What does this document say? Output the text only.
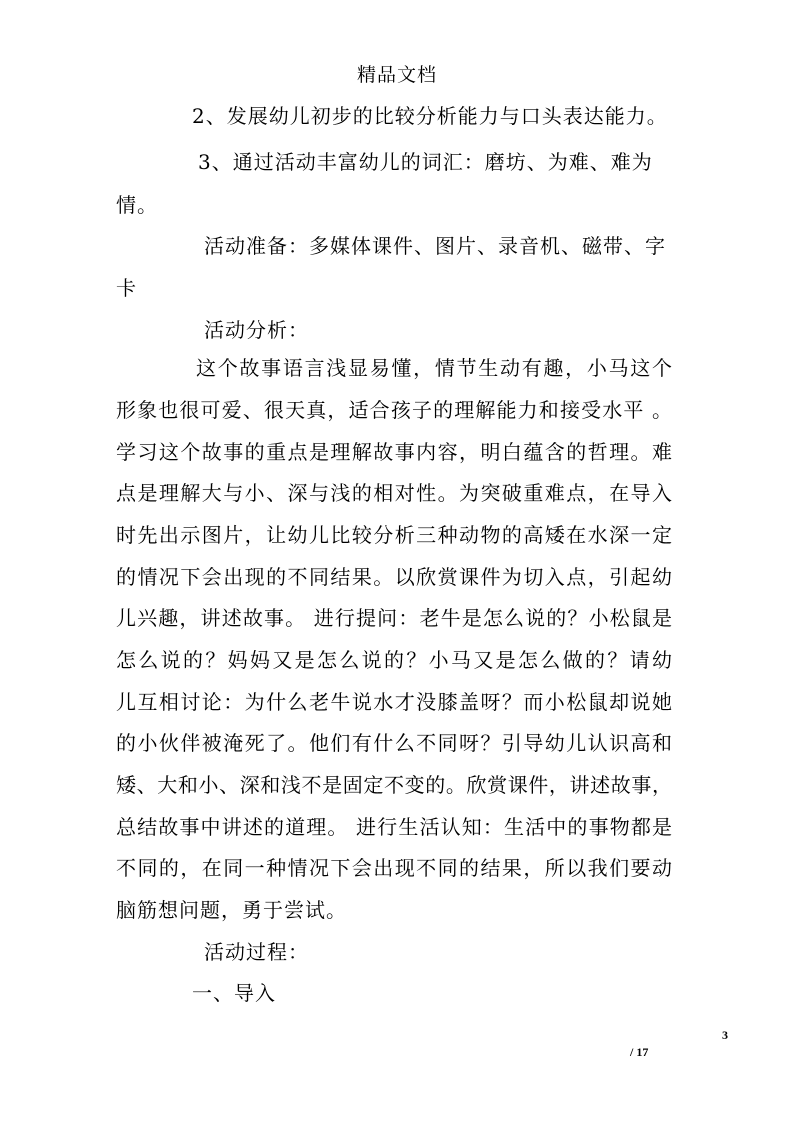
精品文档
2、发展幼儿初步的比较分析能力与口头表达能力。
3、通过活动丰富幼儿的词汇：磨坊、为难、难为
情。
活动准备：多媒体课件、图片、录音机、磁带、字
卡
活动分析：
这个故事语言浅显易懂，情节生动有趣，小马这个
形象也很可爱、很天真，适合孩子的理解能力和接受水平 。
学习这个故事的重点是理解故事内容，明白蕴含的哲理。难
点是理解大与小、深与浅的相对性。为突破重难点，在导入
时先出示图片，让幼儿比较分析三种动物的高矮在水深一定
的情况下会出现的不同结果。以欣赏课件为切入点，引起幼
儿兴趣，讲述故事。 进行提问：老牛是怎么说的？小松鼠是
怎么说的？妈妈又是怎么说的？小马又是怎么做的？请幼
儿互相讨论：为什么老牛说水才没膝盖呀？而小松鼠却说她
的小伙伴被淹死了。他们有什么不同呀？引导幼儿认识高和
矮、大和小、深和浅不是固定不变的。欣赏课件，讲述故事，
总结故事中讲述的道理。 进行生活认知：生活中的事物都是
不同的，在同一种情况下会出现不同的结果，所以我们要动
脑筋想问题，勇于尝试。
活动过程：
一、导入
3
/ 17
